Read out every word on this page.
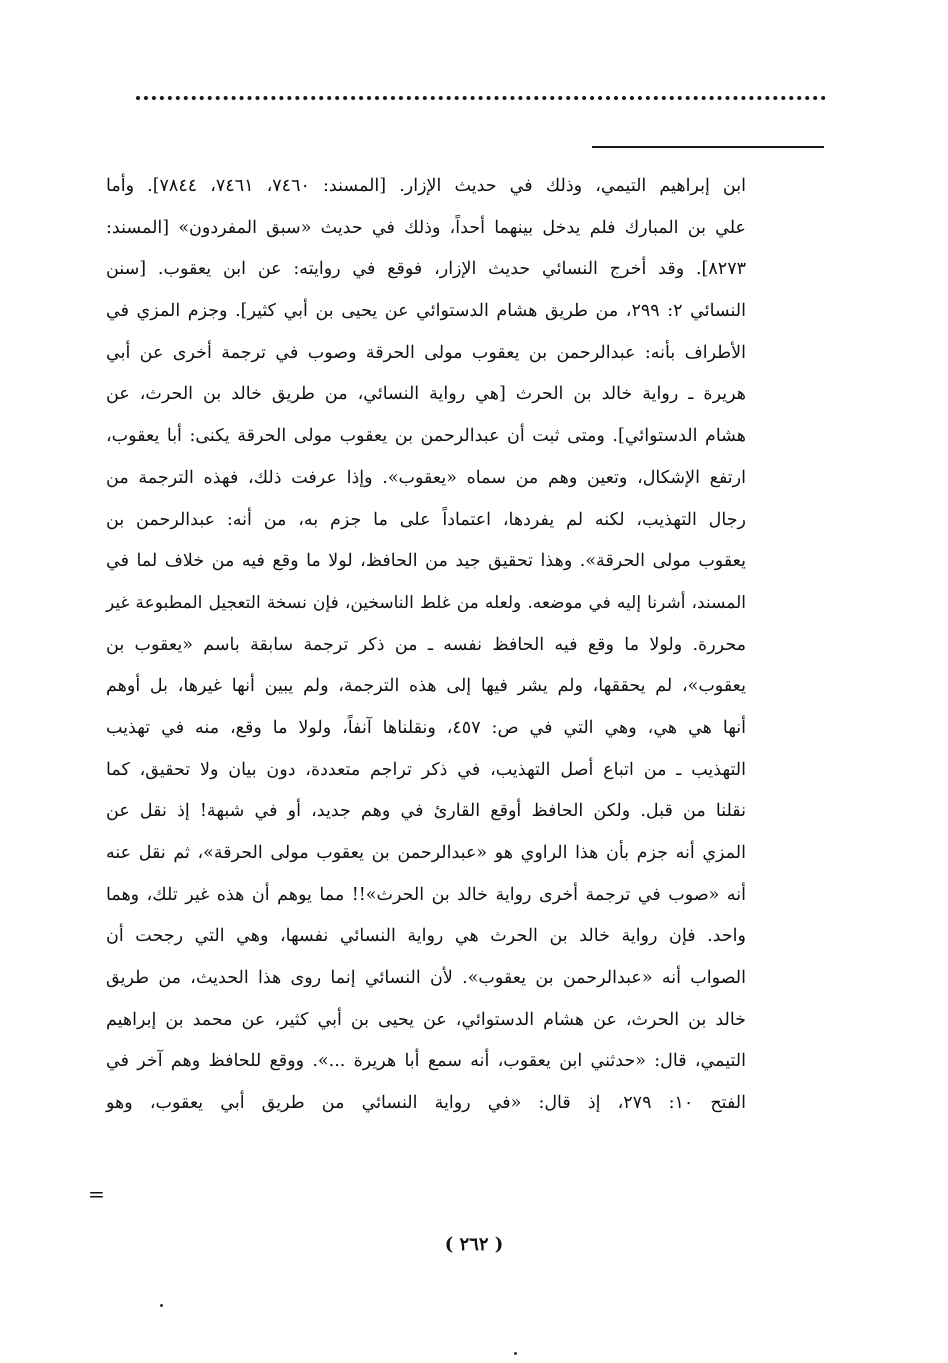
ابن إبراهيم التيمي، وذلك في حديث الإزار. [المسند: ٧٤٦٠، ٧٤٦١، ٧٨٤٤]. وأما
علي بن المبارك فلم يدخل بينهما أحداً، وذلك في حديث «سبق المفردون» [المسند:
٨٢٧٣]. وقد أخرج النسائي حديث الإزار، فوقع في روايته: عن ابن يعقوب. [سنن
النسائي ٢: ٢٩٩، من طريق هشام الدستوائي عن يحيى بن أبي كثير]. وجزم المزي في
الأطراف بأنه: عبدالرحمن بن يعقوب مولى الحرقة وصوب في ترجمة أخرى عن أبي
هريرة ـ رواية خالد بن الحرث [هي رواية النسائي، من طريق خالد بن الحرث، عن
هشام الدستوائي]. ومتى ثبت أن عبدالرحمن بن يعقوب مولى الحرقة يكنى: أبا يعقوب،
ارتفع الإشكال، وتعين وهم من سماه «يعقوب». وإذا عرفت ذلك، فهذه الترجمة من
رجال التهذيب، لكنه لم يفردها، اعتماداً على ما جزم به، من أنه: عبدالرحمن بن
يعقوب مولى الحرقة». وهذا تحقيق جيد من الحافظ، لولا ما وقع فيه من خلاف لما في
المسند، أشرنا إليه في موضعه. ولعله من غلط الناسخين، فإن نسخة التعجيل المطبوعة غير
محررة. ولولا ما وقع فيه الحافظ نفسه ـ من ذكر ترجمة سابقة باسم «يعقوب بن
يعقوب»، لم يحققها، ولم يشر فيها إلى هذه الترجمة، ولم يبين أنها غيرها، بل أوهم
أنها هي هي، وهي التي في ص: ٤٥٧، ونقلناها آنفاً، ولولا ما وقع، منه في تهذيب
التهذيب ـ من اتباع أصل التهذيب، في ذكر تراجم متعددة، دون بيان ولا تحقيق، كما
نقلنا من قبل. ولكن الحافظ أوقع القارئ في وهم جديد، أو في شبهة! إذ نقل عن
المزي أنه جزم بأن هذا الراوي هو «عبدالرحمن بن يعقوب مولى الحرقة»، ثم نقل عنه
أنه «صوب في ترجمة أخرى رواية خالد بن الحرث»!! مما يوهم أن هذه غير تلك، وهما
واحد. فإن رواية خالد بن الحرث هي رواية النسائي نفسها، وهي التي رجحت أن
الصواب أنه «عبدالرحمن بن يعقوب». لأن النسائي إنما روى هذا الحديث، من طريق
خالد بن الحرث، عن هشام الدستوائي، عن يحيى بن أبي كثير، عن محمد بن إبراهيم
التيمي، قال: «حدثني ابن يعقوب، أنه سمع أبا هريرة ...». ووقع للحافظ وهم آخر في
الفتح ١٠: ٢٧٩، إذ قال: «في رواية النسائي من طريق أبي يعقوب، وهو
=
( ٢٦٢ )
